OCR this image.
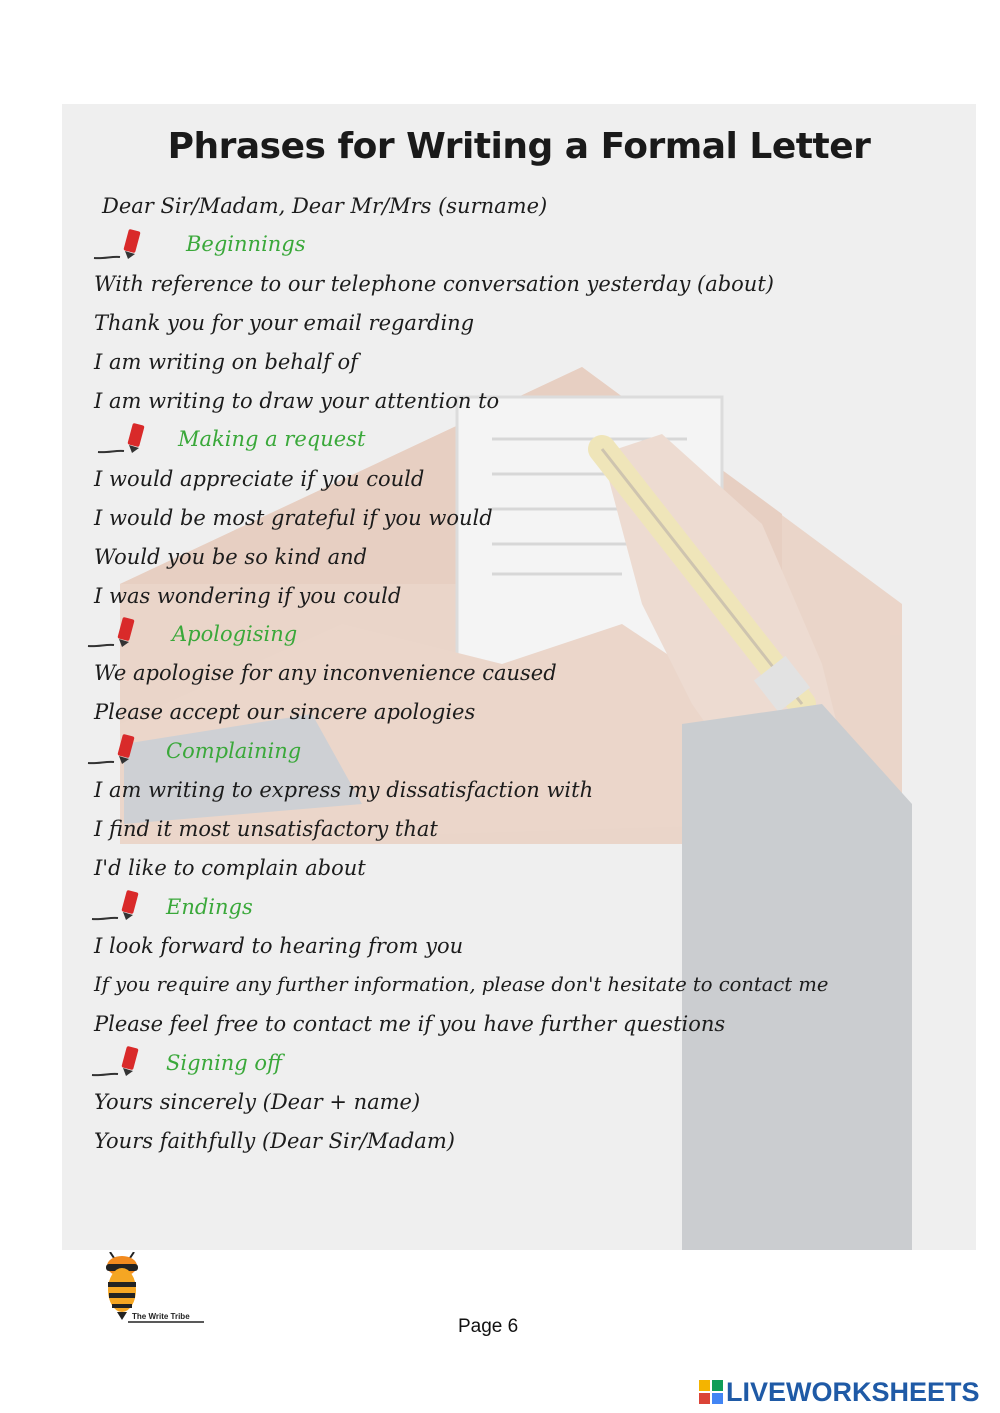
Phrases for Writing a Formal Letter
Dear Sir/Madam, Dear Mr/Mrs (surname)
Beginnings
With reference to our telephone conversation yesterday (about)
Thank you for your email regarding
I am writing on behalf of
I am writing to draw your attention to
Making a request
I would appreciate if you could
I would be most grateful if you would
Would you be so kind and
I was wondering if you could
Apologising
We apologise for any inconvenience caused
Please accept our sincere apologies
Complaining
I am writing to express my dissatisfaction with
I find it most unsatisfactory that
I'd like to complain about
Endings
I look forward to hearing from you
If you require any further information, please don't hesitate to contact me
Please feel free to contact me if you have further questions
Signing off
Yours sincerely (Dear + name)
Yours faithfully (Dear Sir/Madam)
The Write Tribe	Page 6
LIVEWORKSHEETS
